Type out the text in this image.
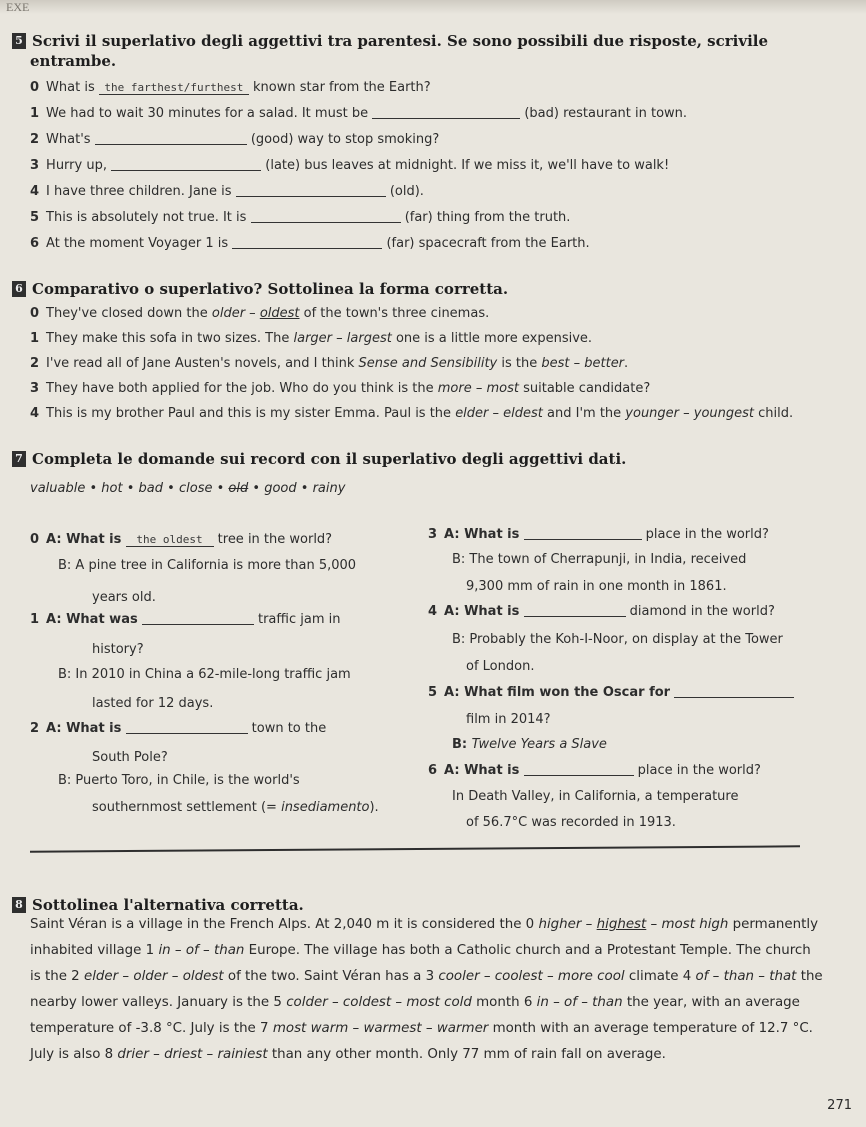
EXE
5 Scrivi il superlativo degli aggettivi tra parentesi. Se sono possibili due risposte, scrivile
entrambe.
0 What is the farthest/furthest known star from the Earth?
1 We had to wait 30 minutes for a salad. It must be	(bad) restaurant in town.
2 What's	(good) way to stop smoking?
3 Hurry up,	(late) bus leaves at midnight. If we miss it, we'll have to walk!
4 I have three children. Jane is	(old).
5 This is absolutely not true. It is	(far) thing from the truth.
6 At the moment Voyager 1 is	(far) spacecraft from the Earth.
6 Comparativo o superlativo? Sottolinea la forma corretta.
0 They've closed down the older – oldest of the town's three cinemas.
1 They make this sofa in two sizes. The larger – largest one is a little more expensive.
2 I've read all of Jane Austen's novels, and I think Sense and Sensibility is the best – better.
3 They have both applied for the job. Who do you think is the more – most suitable candidate?
4 This is my brother Paul and this is my sister Emma. Paul is the elder – eldest and I'm the younger – youngest child.
7 Completa le domande sui record con il superlativo degli aggettivi dati.
valuable • hot • bad • close • old • good • rainy
0 A: What is the oldest tree in the world?
B: A pine tree in California is more than 5,000
years old.
1 A: What was	traffic jam in
history?
B: In 2010 in China a 62-mile-long traffic jam
lasted for 12 days.
2 A: What is	town to the
South Pole?
B: Puerto Toro, in Chile, is the world's
southernmost settlement (= insediamento).
3 A: What is	place in the world?
B: The town of Cherrapunji, in India, received
9,300 mm of rain in one month in 1861.
4 A: What is	diamond in the world?
B: Probably the Koh-I-Noor, on display at the Tower
of London.
5 A: What film won the Oscar for
film in 2014?
B: Twelve Years a Slave
6 A: What is	place in the world?
In Death Valley, in California, a temperature
of 56.7°C was recorded in 1913.
8 Sottolinea l'alternativa corretta.
Saint Véran is a village in the French Alps. At 2,040 m it is considered the 0 higher – highest – most high permanently
inhabited village 1 in – of – than Europe. The village has both a Catholic church and a Protestant Temple. The church
is the 2 elder – older – oldest of the two. Saint Véran has a 3 cooler – coolest – more cool climate 4 of – than – that the
nearby lower valleys. January is the 5 colder – coldest – most cold month 6 in – of – than the year, with an average
temperature of -3.8 °C. July is the 7 most warm – warmest – warmer month with an average temperature of 12.7 °C.
July is also 8 drier – driest – rainiest than any other month. Only 77 mm of rain fall on average.
271
